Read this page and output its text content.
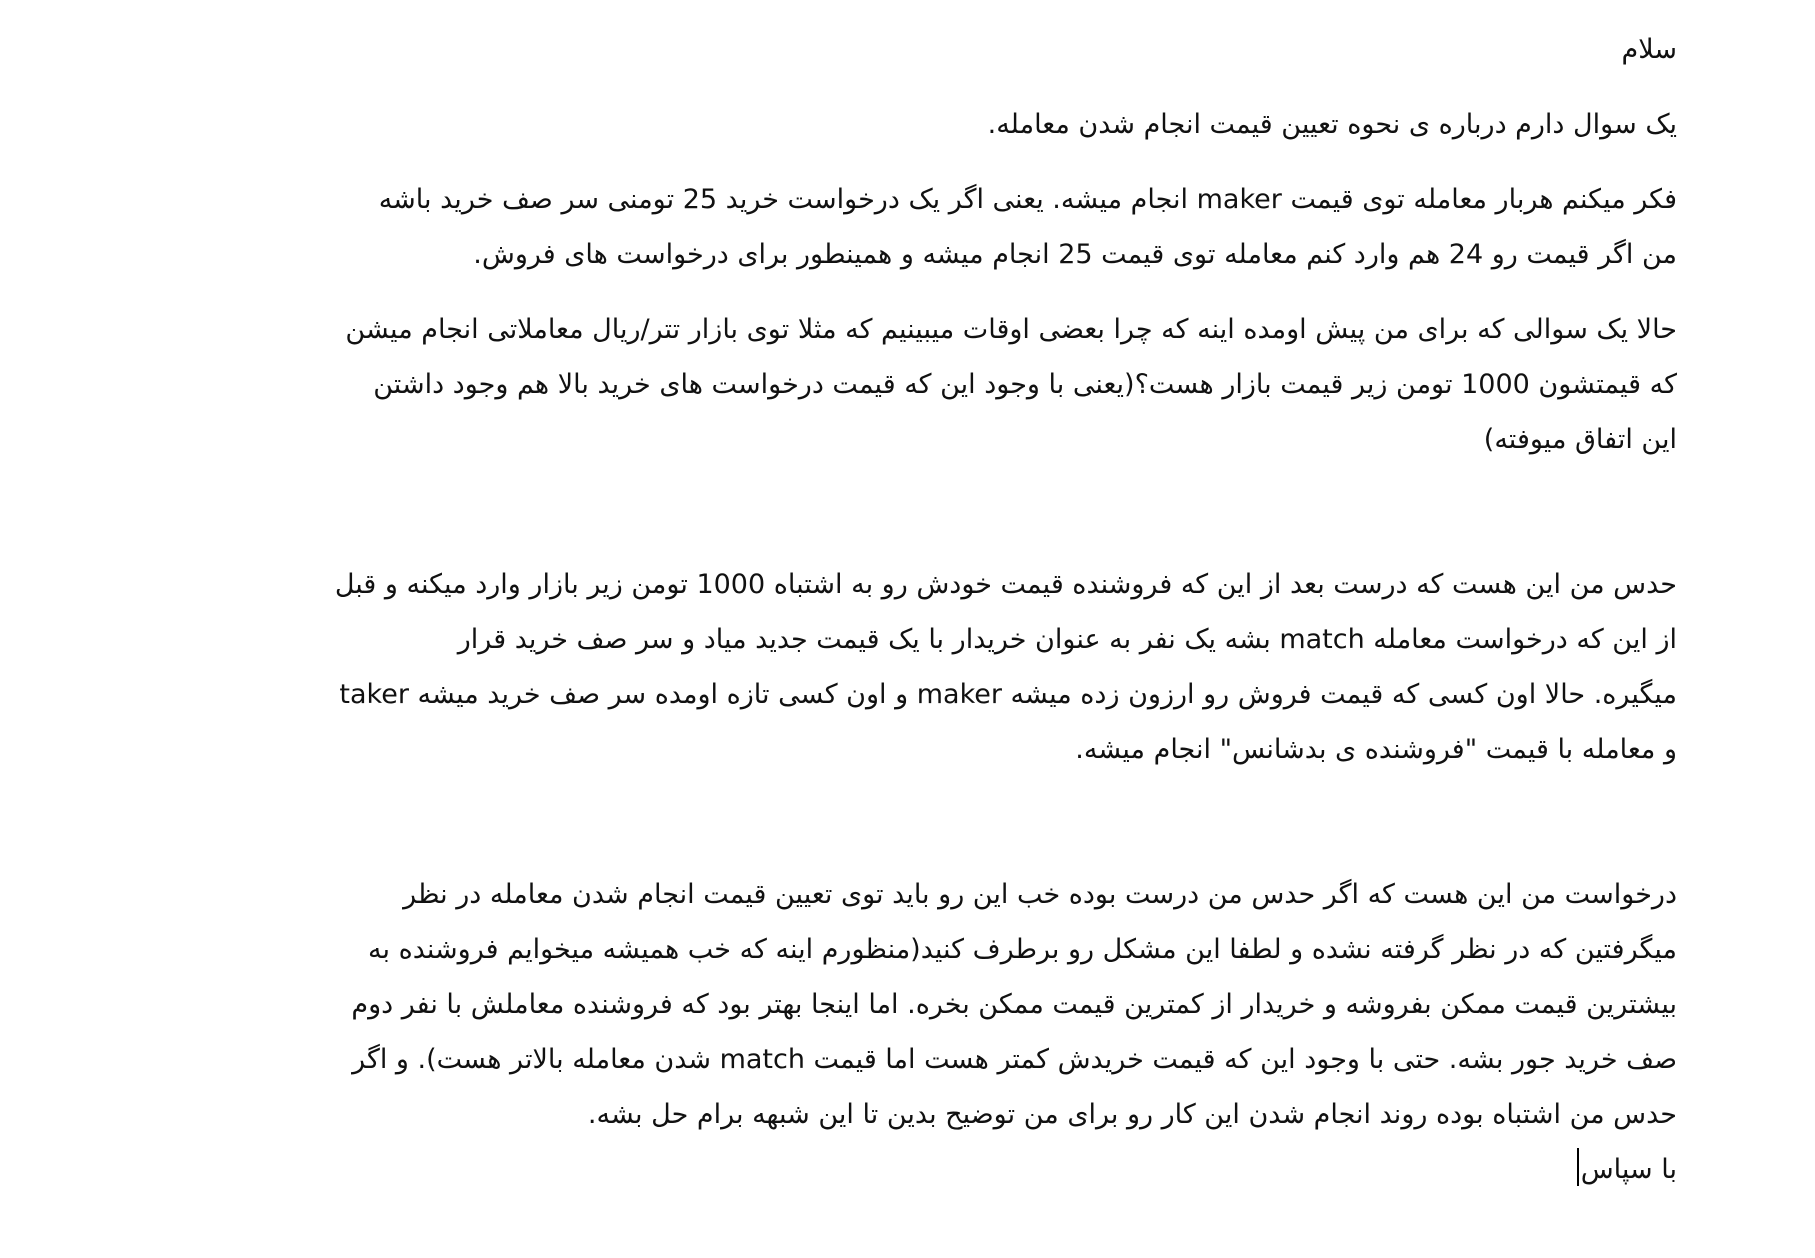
سلام

یک سوال دارم درباره ی نحوه تعیین قیمت انجام شدن معامله.

فکر میکنم هربار معامله توی قیمت maker انجام میشه. یعنی اگر یک درخواست خرید 25 تومنی سر صف خرید باشه
من اگر قیمت رو 24 هم وارد کنم معامله توی قیمت 25 انجام میشه و همینطور برای درخواست های فروش.

حالا یک سوالی که برای من پیش اومده اینه که چرا بعضی اوقات میبینیم که مثلا توی بازار تتر/ریال معاملاتی انجام میشن
که قیمتشون 1000 تومن زیر قیمت بازار هست؟(یعنی با وجود این که قیمت درخواست های خرید بالا هم وجود داشتن
این اتفاق میوفته)

حدس من این هست که درست بعد از این که فروشنده قیمت خودش رو به اشتباه 1000 تومن زیر بازار وارد میکنه و قبل
از این که درخواست معامله match بشه یک نفر به عنوان خریدار با یک قیمت جدید میاد و سر صف خرید قرار
میگیره. حالا اون کسی که قیمت فروش رو ارزون زده میشه maker و اون کسی تازه اومده سر صف خرید میشه taker
و معامله با قیمت "فروشنده ی بدشانس" انجام میشه.

درخواست من این هست که اگر حدس من درست بوده خب این رو باید توی تعیین قیمت انجام شدن معامله در نظر
میگرفتین که در نظر گرفته نشده و لطفا این مشکل رو برطرف کنید(منظورم اینه که خب همیشه میخوایم فروشنده به
بیشترین قیمت ممکن بفروشه و خریدار از کمترین قیمت ممکن بخره. اما اینجا بهتر بود که فروشنده معاملش با نفر دوم
صف خرید جور بشه. حتی با وجود این که قیمت خریدش کمتر هست اما قیمت match شدن معامله بالاتر هست). و اگر
حدس من اشتباه بوده روند انجام شدن این کار رو برای من توضیح بدین تا این شبهه برام حل بشه.
با سپاس
